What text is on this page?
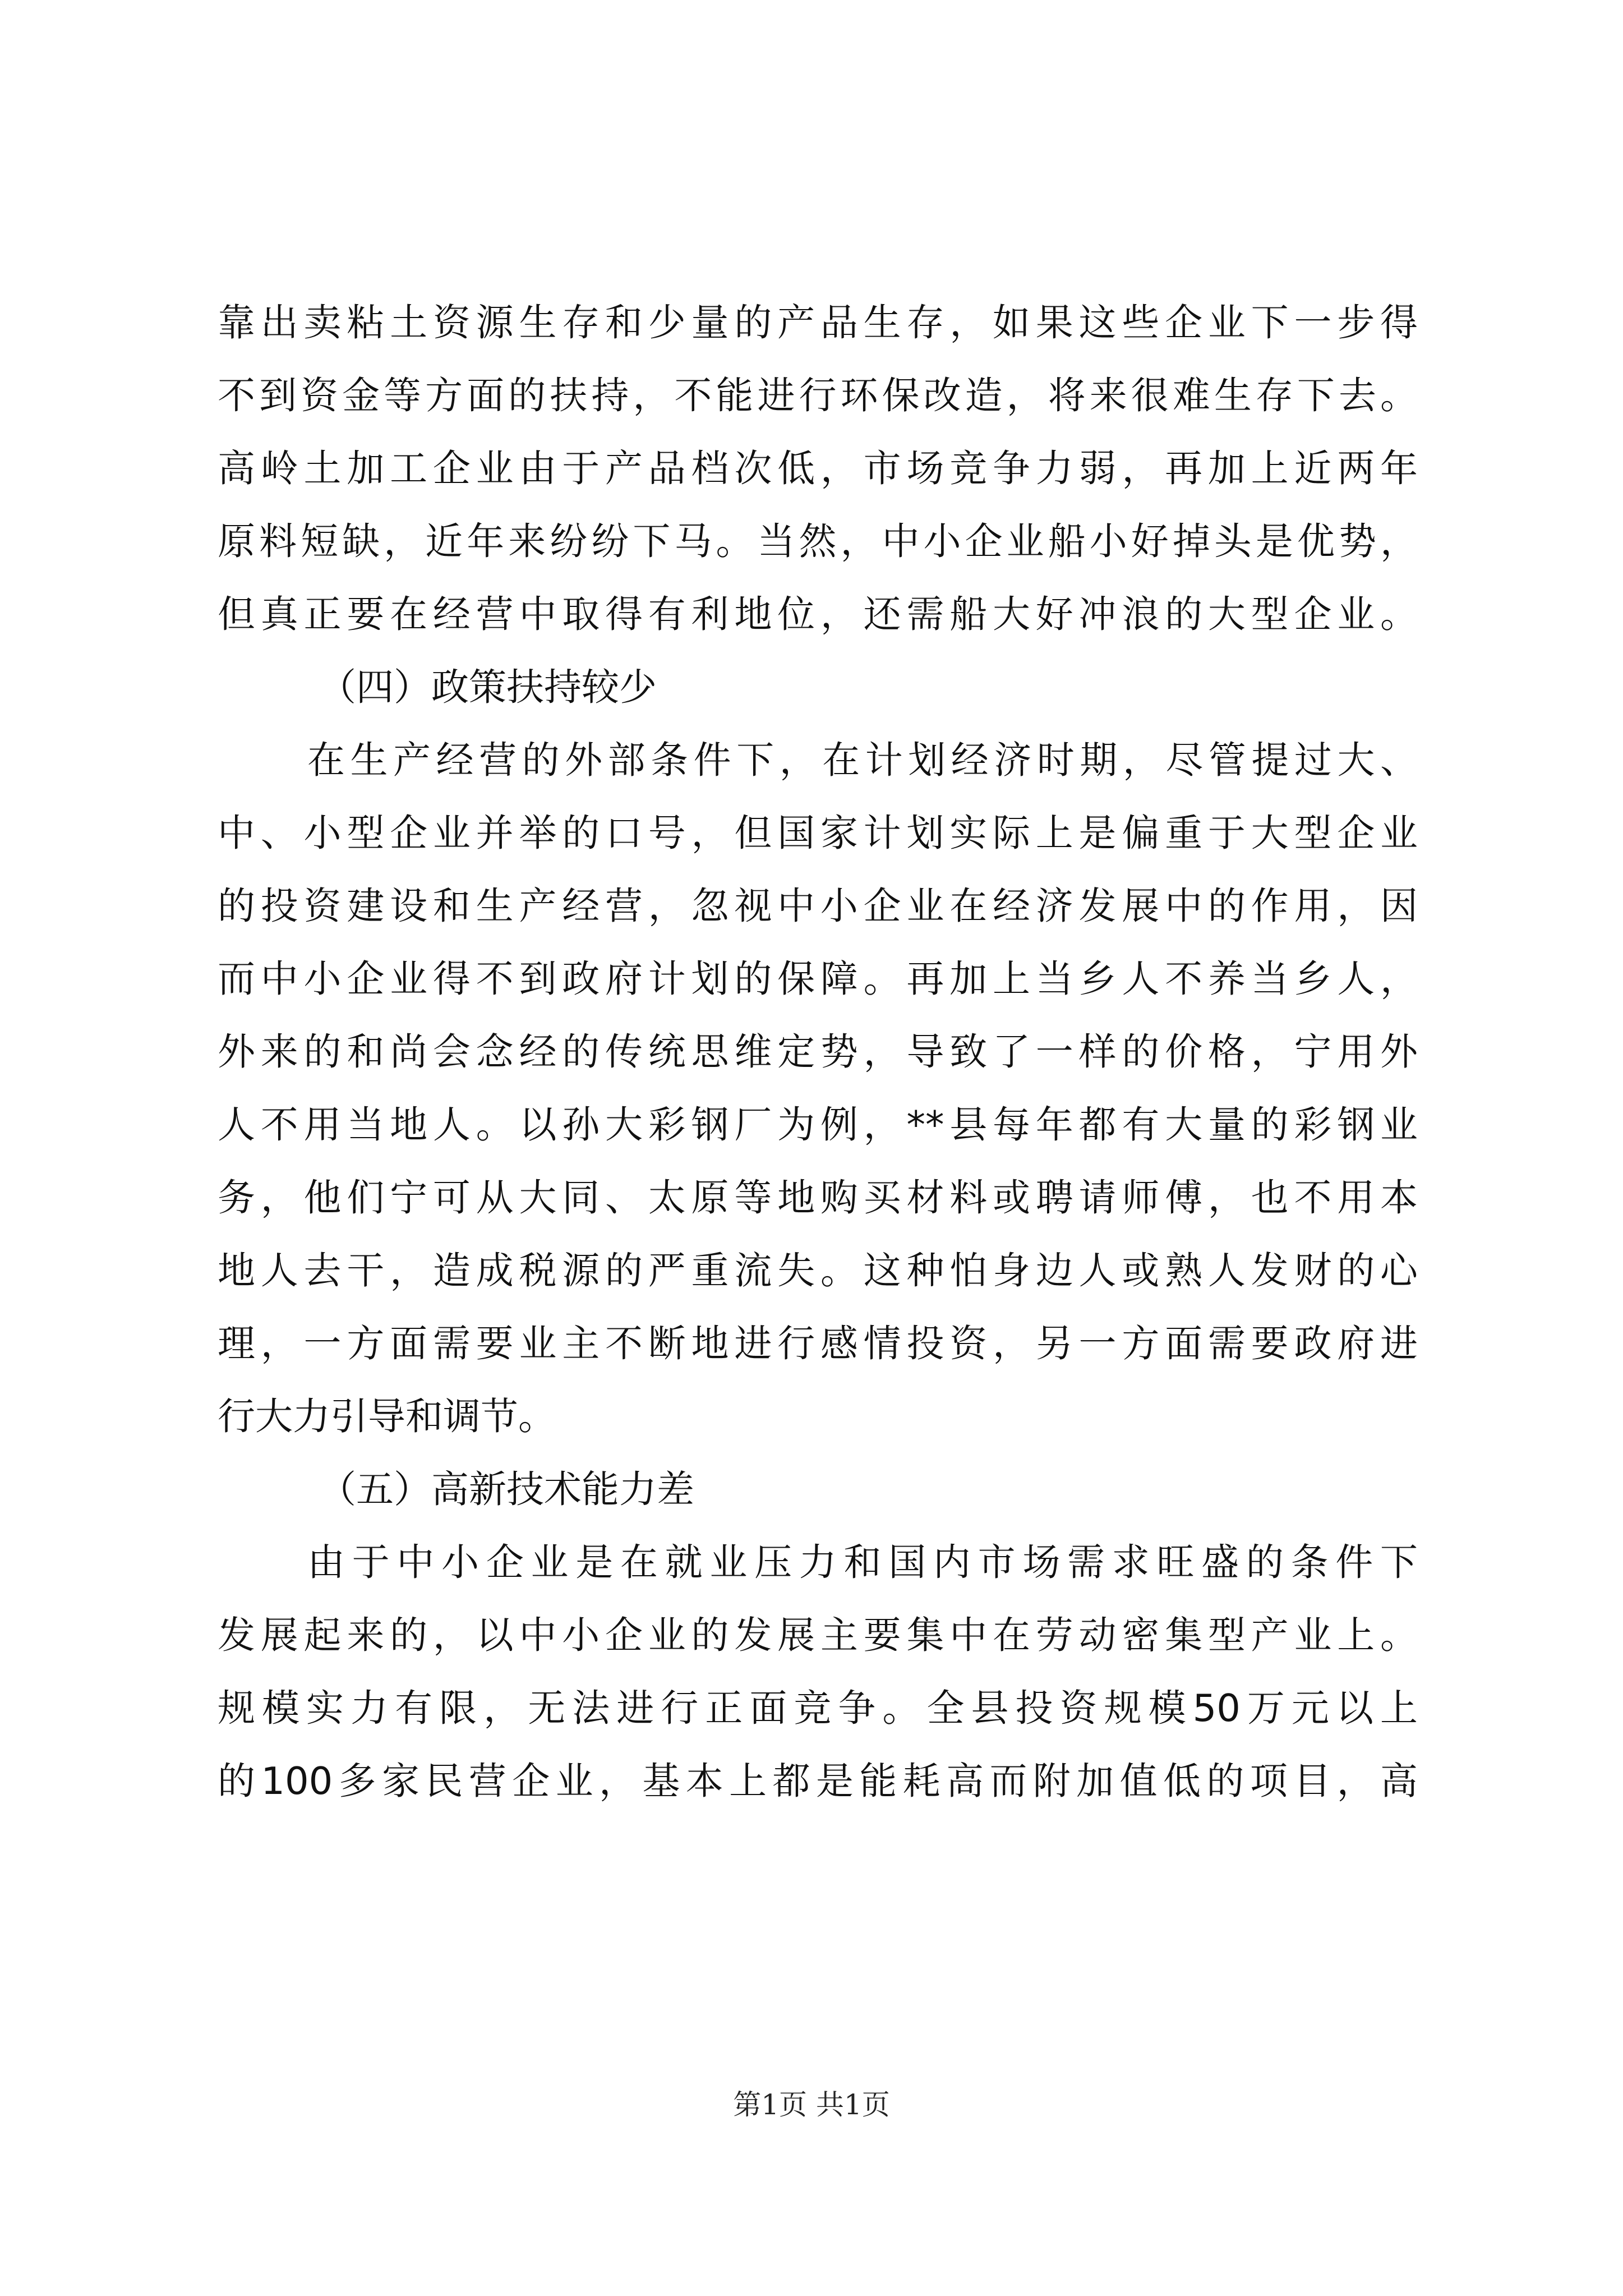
靠出卖粘土资源生存和少量的产品生存，如果这些企业下一步得
不到资金等方面的扶持，不能进行环保改造，将来很难生存下去。
高岭土加工企业由于产品档次低，市场竞争力弱，再加上近两年
原料短缺，近年来纷纷下马。当然，中小企业船小好掉头是优势，
但真正要在经营中取得有利地位，还需船大好冲浪的大型企业。
（四）政策扶持较少
在生产经营的外部条件下，在计划经济时期，尽管提过大、
中、小型企业并举的口号，但国家计划实际上是偏重于大型企业
的投资建设和生产经营，忽视中小企业在经济发展中的作用，因
而中小企业得不到政府计划的保障。再加上当乡人不养当乡人，
外来的和尚会念经的传统思维定势，导致了一样的价格，宁用外
人不用当地人。以孙大彩钢厂为例，**县每年都有大量的彩钢业
务，他们宁可从大同、太原等地购买材料或聘请师傅，也不用本
地人去干，造成税源的严重流失。这种怕身边人或熟人发财的心
理，一方面需要业主不断地进行感情投资，另一方面需要政府进
行大力引导和调节。
（五）高新技术能力差
由于中小企业是在就业压力和国内市场需求旺盛的条件下
发展起来的，以中小企业的发展主要集中在劳动密集型产业上。
规模实力有限，无法进行正面竞争。全县投资规模50万元以上
的100多家民营企业，基本上都是能耗高而附加值低的项目，高
第1页 共1页
